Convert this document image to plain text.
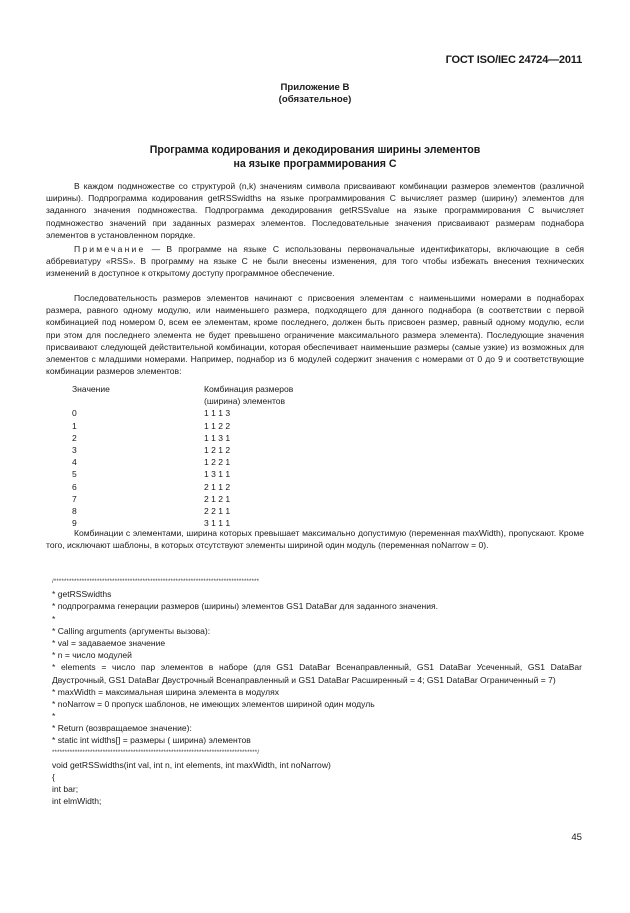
ГОСТ ISO/IEC 24724—2011
Приложение В
(обязательное)
Программа кодирования и декодирования ширины элементов
на языке программирования С

В каждом подмножестве со структурой (n,k) значениям символа присваивают комбинации размеров элементов (различной ширины). Подпрограмма кодирования getRSSwidths на языке программирования С вычисляет размер (ширину) элементов для заданного значения подмножества. Подпрограмма декодирования getRSSvalue на языке программирования С вычисляет подмножество значений при заданных размерах элементов. Последовательные значения присваивают размерам поднабора элементов в установленном порядке.

Примечание — В программе на языке С использованы первоначальные идентификаторы, включающие в себя аббревиатуру «RSS». В программу на языке С не были внесены изменения, для того чтобы избежать внесения технических изменений в доступное к открытому доступу программное обеспечение.

Последовательность размеров элементов начинают с присвоения элементам с наименьшими номерами в поднаборах размера, равного одному модулю, или наименьшего размера, подходящего для данного поднабора (в соответствии с первой комбинацией под номером 0, всем ее элементам, кроме последнего, должен быть присвоен размер, равный одному модулю, если при этом для последнего элемента не будет превышено ограничение максимального размера элемента). Последующие значения присваивают следующей действительной комбинации, которая обеспечивает наименьшие размеры (самые узкие) из возможных для элементов с младшими номерами. Например, поднабор из 6 модулей содержит значения с номерами от 0 до 9 и соответствующие комбинации размеров элементов:

Значение	Комбинация размеров
(ширина) элементов
0	1 1 1 3
1	1 1 2 2
2	1 1 3 1
3	1 2 1 2
4	1 2 2 1
5	1 3 1 1
6	2 1 1 2
7	2 1 2 1
8	2 2 1 1
9	3 1 1 1

Комбинации с элементами, ширина которых превышает максимально допустимую (переменная maxWidth), пропускают. Кроме того, исключают шаблоны, в которых отсутствуют элементы шириной один модуль (переменная noNarrow = 0).

/*********************************************************************************
* getRSSwidths
* подпрограмма генерации размеров (ширины) элементов GS1 DataBar для заданного значения.
*
* Calling arguments (аргументы вызова):
* val = задаваемое значение
* n = число модулей
* elements = число пар элементов в наборе (для GS1 DataBar Всенаправленный, GS1 DataBar Усеченный, GS1 DataBar Двустрочный, GS1 DataBar Двустрочный Всенаправленный и GS1 DataBar Расширенный = 4; GS1 DataBar Ограниченный = 7)
* maxWidth = максимальная ширина элемента в модулях
* noNarrow = 0 пропуск шаблонов, не имеющих элементов шириной один модуль
*
* Return (возвращаемое значение):
* static int widths[] = размеры ( ширина) элементов
*********************************************************************************/
void getRSSwidths(int val, int n, int elements, int maxWidth, int noNarrow)
{
int bar;
int elmWidth;
45
